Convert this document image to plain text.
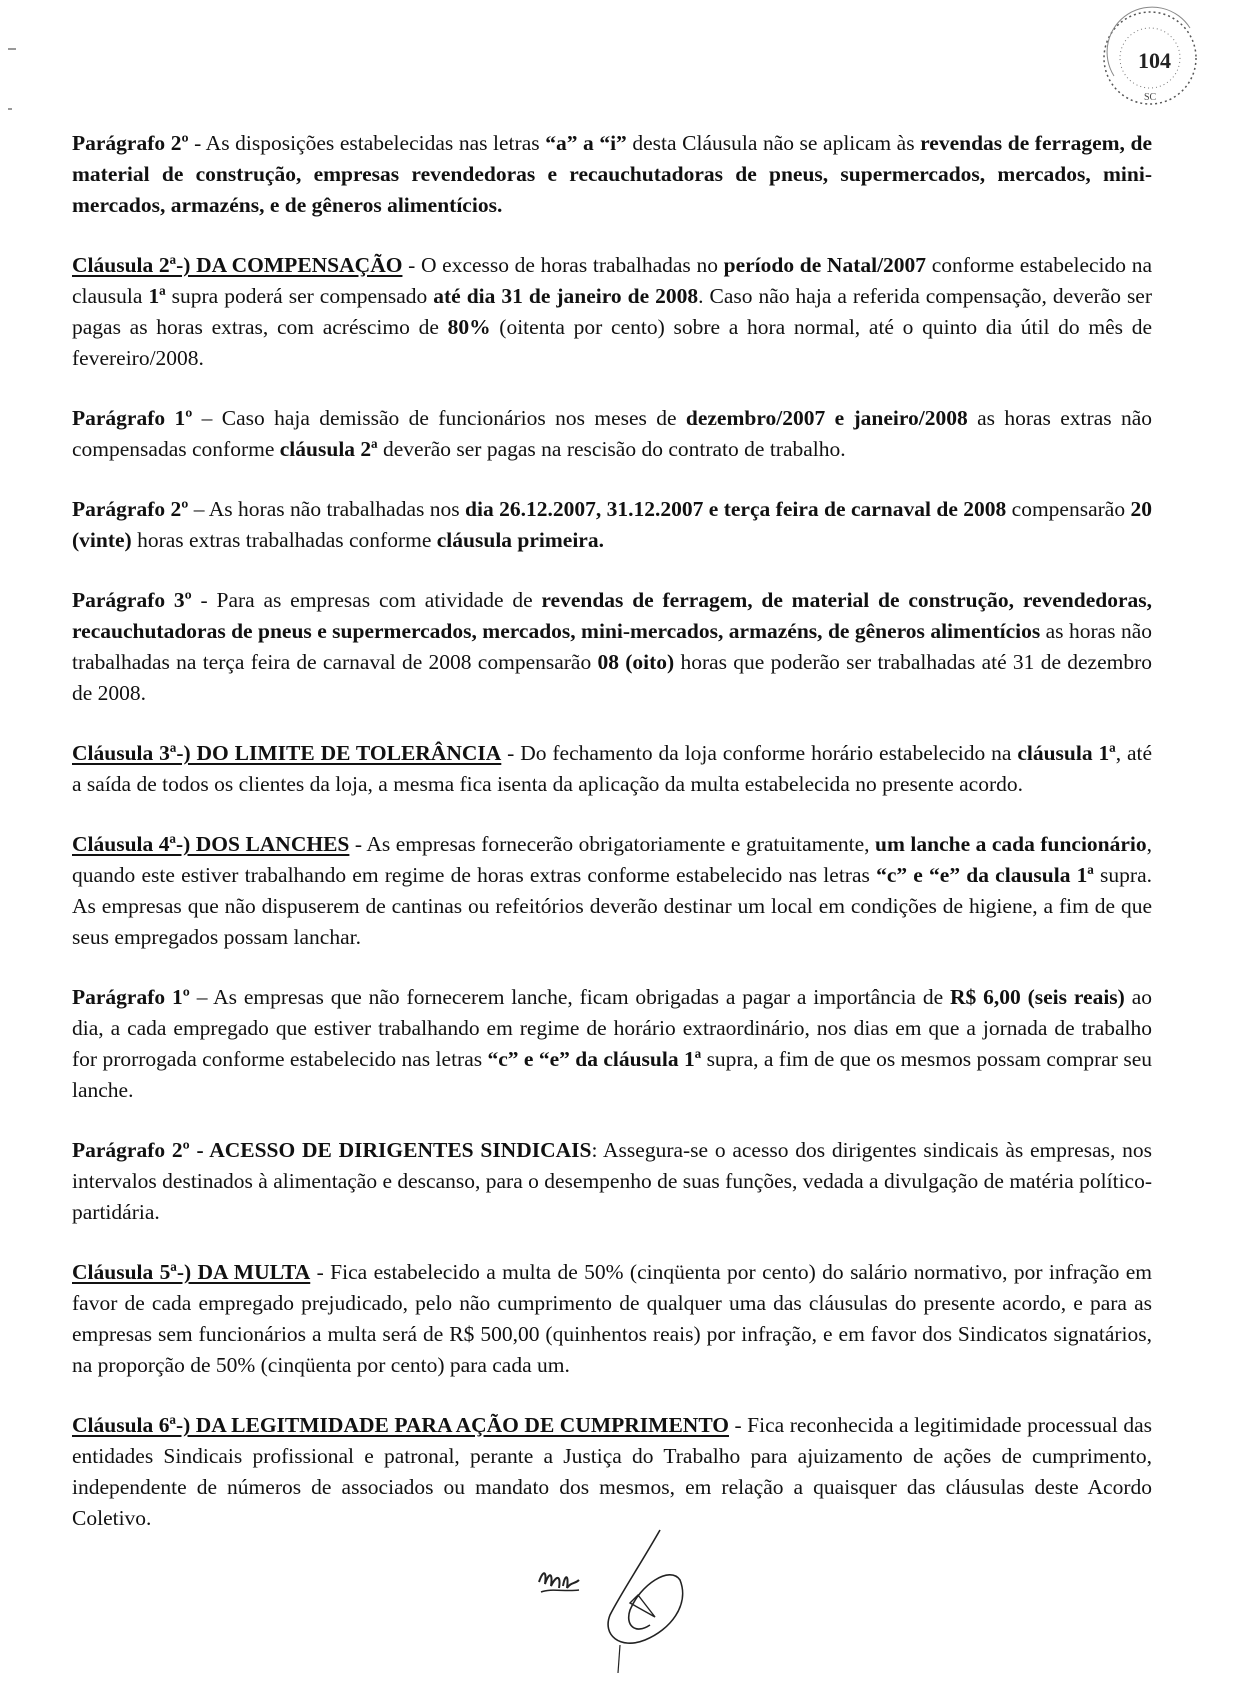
104
SC

Parágrafo 2º - As disposições estabelecidas nas letras “a” a “i” desta Cláusula não se aplicam às revendas de ferragem, de material de construção, empresas revendedoras e recauchutadoras de pneus, supermercados, mercados, mini-mercados, armazéns, e de gêneros alimentícios.

Cláusula 2ª-) DA COMPENSAÇÃO - O excesso de horas trabalhadas no período de Natal/2007 conforme estabelecido na clausula 1ª supra poderá ser compensado até dia 31 de janeiro de 2008. Caso não haja a referida compensação, deverão ser pagas as horas extras, com acréscimo de 80% (oitenta por cento) sobre a hora normal, até o quinto dia útil do mês de fevereiro/2008.

Parágrafo 1º – Caso haja demissão de funcionários nos meses de dezembro/2007 e janeiro/2008 as horas extras não compensadas conforme cláusula 2ª deverão ser pagas na rescisão do contrato de trabalho.

Parágrafo 2º – As horas não trabalhadas nos dia 26.12.2007, 31.12.2007 e terça feira de carnaval de 2008 compensarão 20 (vinte) horas extras trabalhadas conforme cláusula primeira.

Parágrafo 3º - Para as empresas com atividade de revendas de ferragem, de material de construção, revendedoras, recauchutadoras de pneus e supermercados, mercados, mini-mercados, armazéns, de gêneros alimentícios as horas não trabalhadas na terça feira de carnaval de 2008 compensarão 08 (oito) horas que poderão ser trabalhadas até 31 de dezembro de 2008.

Cláusula 3ª-) DO LIMITE DE TOLERÂNCIA - Do fechamento da loja conforme horário estabelecido na cláusula 1ª, até a saída de todos os clientes da loja, a mesma fica isenta da aplicação da multa estabelecida no presente acordo.

Cláusula 4ª-) DOS LANCHES - As empresas fornecerão obrigatoriamente e gratuitamente, um lanche a cada funcionário, quando este estiver trabalhando em regime de horas extras conforme estabelecido nas letras “c” e “e” da clausula 1ª supra. As empresas que não dispuserem de cantinas ou refeitórios deverão destinar um local em condições de higiene, a fim de que seus empregados possam lanchar.

Parágrafo 1º – As empresas que não fornecerem lanche, ficam obrigadas a pagar a importância de R$ 6,00 (seis reais) ao dia, a cada empregado que estiver trabalhando em regime de horário extraordinário, nos dias em que a jornada de trabalho for prorrogada conforme estabelecido nas letras “c” e “e” da cláusula 1ª supra, a fim de que os mesmos possam comprar seu lanche.

Parágrafo 2º - ACESSO DE DIRIGENTES SINDICAIS: Assegura-se o acesso dos dirigentes sindicais às empresas, nos intervalos destinados à alimentação e descanso, para o desempenho de suas funções, vedada a divulgação de matéria político-partidária.

Cláusula 5ª-) DA MULTA - Fica estabelecido a multa de 50% (cinqüenta por cento) do salário normativo, por infração em favor de cada empregado prejudicado, pelo não cumprimento de qualquer uma das cláusulas do presente acordo, e para as empresas sem funcionários a multa será de R$ 500,00 (quinhentos reais) por infração, e em favor dos Sindicatos signatários, na proporção de 50% (cinqüenta por cento) para cada um.

Cláusula 6ª-) DA LEGITMIDADE PARA AÇÃO DE CUMPRIMENTO - Fica reconhecida a legitimidade processual das entidades Sindicais profissional e patronal, perante a Justiça do Trabalho para ajuizamento de ações de cumprimento, independente de números de associados ou mandato dos mesmos, em relação a quaisquer das cláusulas deste Acordo Coletivo.
